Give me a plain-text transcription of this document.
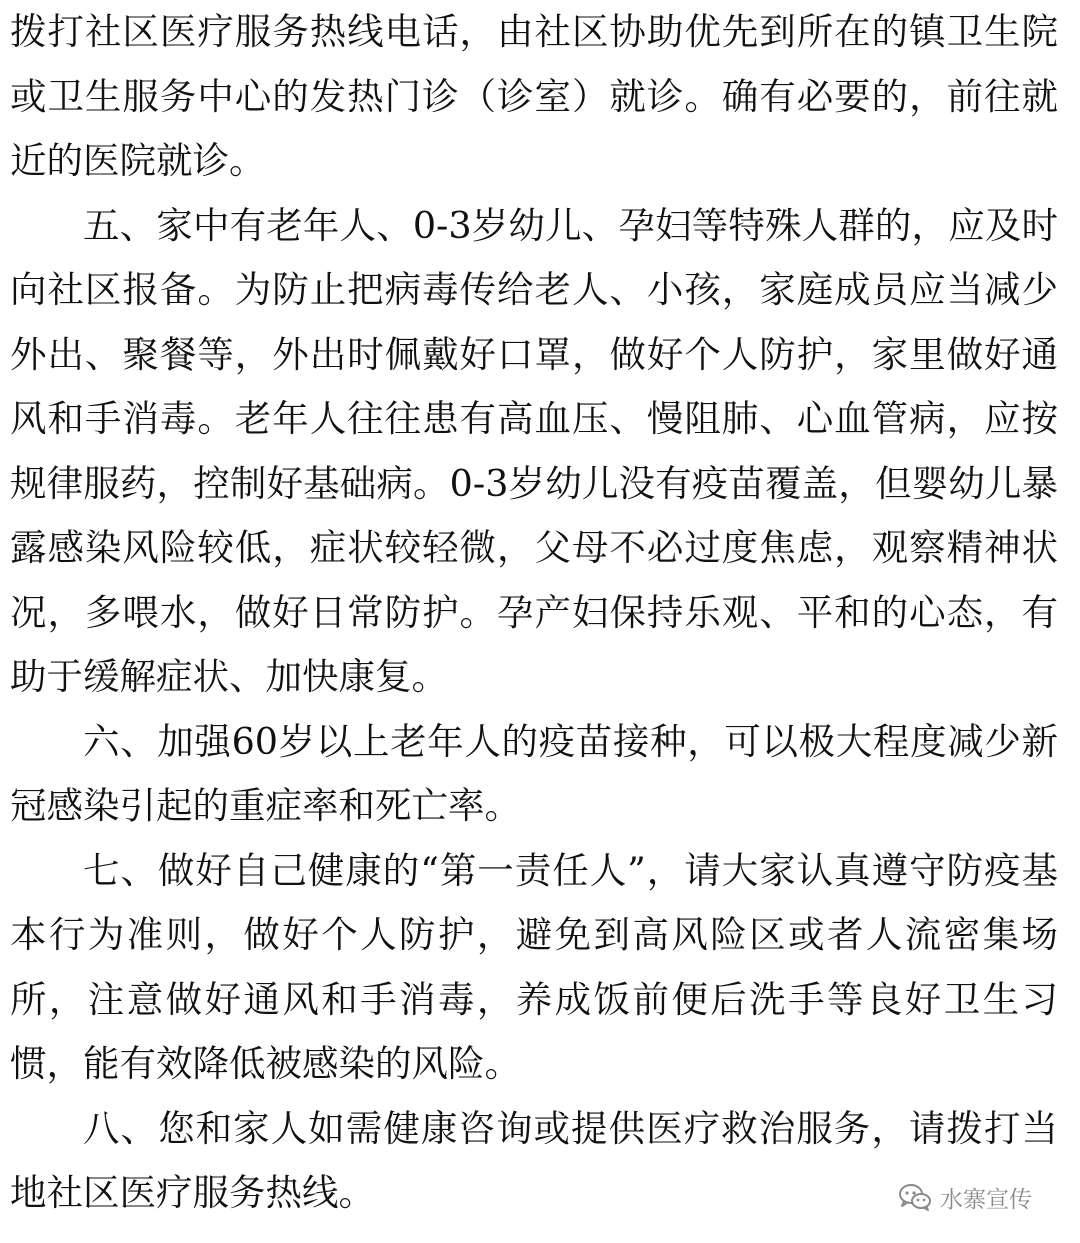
拨打社区医疗服务热线电话，由社区协助优先到所在的镇卫生院或卫生服务中心的发热门诊（诊室）就诊。确有必要的，前往就近的医院就诊。

五、家中有老年人、0-3岁幼儿、孕妇等特殊人群的，应及时向社区报备。为防止把病毒传给老人、小孩，家庭成员应当减少外出、聚餐等，外出时佩戴好口罩，做好个人防护，家里做好通风和手消毒。老年人往往患有高血压、慢阻肺、心血管病，应按规律服药，控制好基础病。0-3岁幼儿没有疫苗覆盖，但婴幼儿暴露感染风险较低，症状较轻微，父母不必过度焦虑，观察精神状况，多喂水，做好日常防护。孕产妇保持乐观、平和的心态，有助于缓解症状、加快康复。

六、加强60岁以上老年人的疫苗接种，可以极大程度减少新冠感染引起的重症率和死亡率。

七、做好自己健康的“第一责任人”，请大家认真遵守防疫基本行为准则，做好个人防护，避免到高风险区或者人流密集场所，注意做好通风和手消毒，养成饭前便后洗手等良好卫生习惯，能有效降低被感染的风险。

八、您和家人如需健康咨询或提供医疗救治服务，请拨打当地社区医疗服务热线。	水寨宣传
